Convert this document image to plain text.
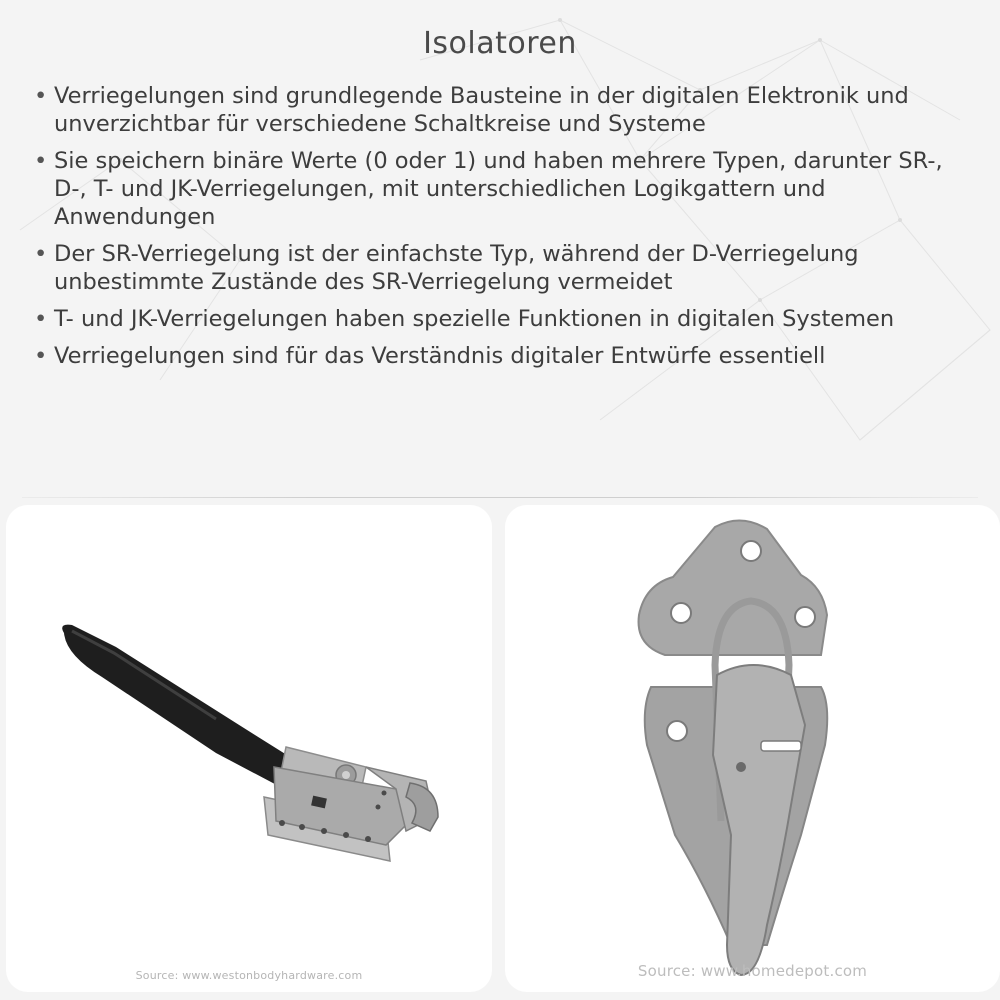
Isolatoren
• Verriegelungen sind grundlegende Bausteine in der digitalen Elektronik und unverzichtbar für verschiedene Schaltkreise und Systeme
• Sie speichern binäre Werte (0 oder 1) und haben mehrere Typen, darunter SR-, D-, T- und JK-Verriegelungen, mit unterschiedlichen Logikgattern und Anwendungen
• Der SR-Verriegelung ist der einfachste Typ, während der D-Verriegelung unbestimmte Zustände des SR-Verriegelung vermeidet
• T- und JK-Verriegelungen haben spezielle Funktionen in digitalen Systemen
• Verriegelungen sind für das Verständnis digitaler Entwürfe essentiell
Source: www.westonbodyhardware.com	Source: www.homedepot.com
